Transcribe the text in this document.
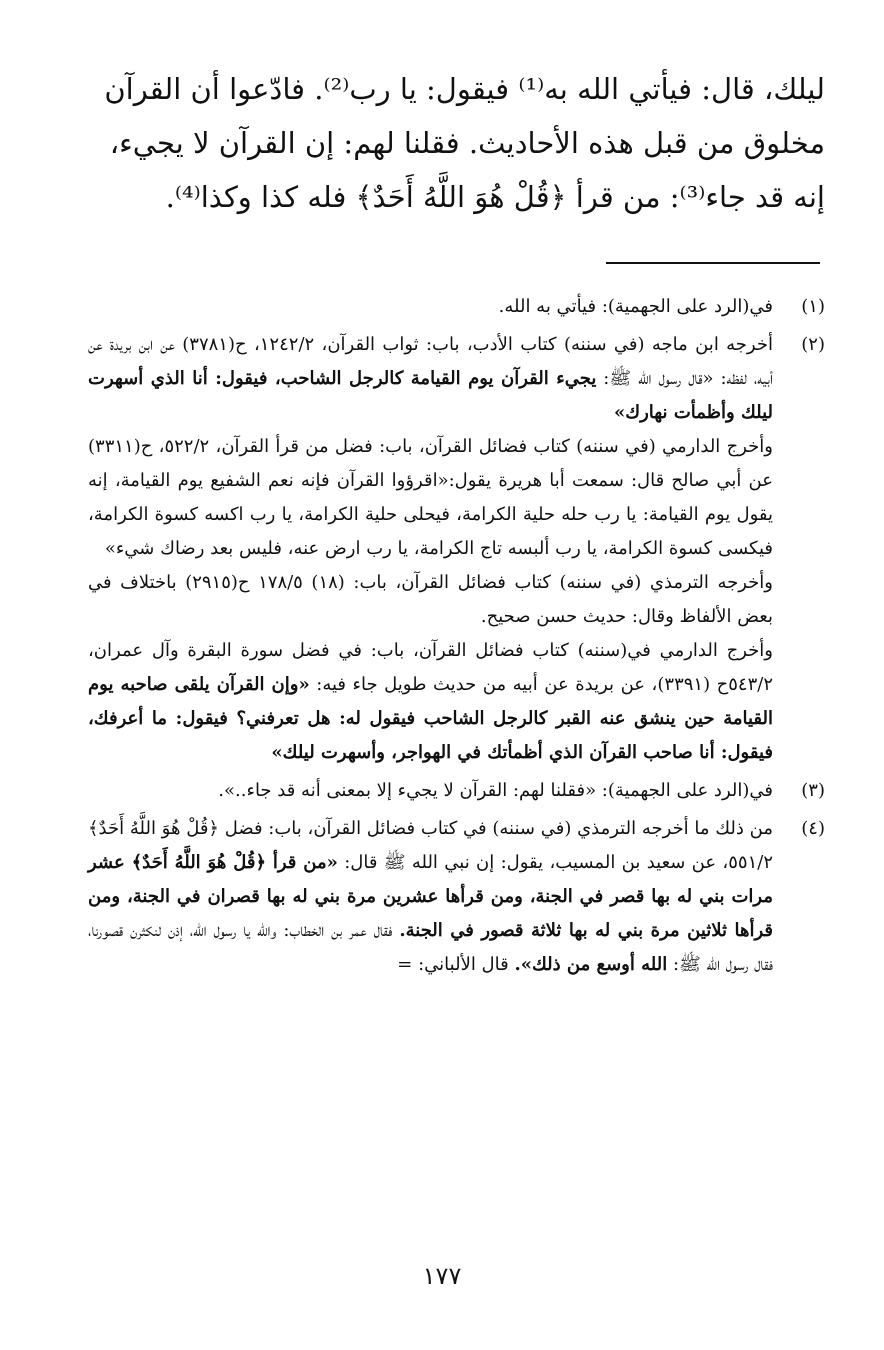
ليلك، قال: فيأتي الله به⁽¹⁾ فيقول: يا رب⁽²⁾. فادّعوا أن القرآن

مخلوق من قبل هذه الأحاديث. فقلنا لهم: إن القرآن لا يجيء،

إنه قد جاء⁽³⁾: من قرأ ﴿قُلْ هُوَ اللَّهُ أَحَدٌ﴾ فله كذا وكذا⁽⁴⁾.

(١)

في(الرد على الجهمية): فيأتي به الله.

(٢)

أخرجه ابن ماجه (في سننه) كتاب الأدب، باب: ثواب القرآن، ١٢٤٢/٢، ح(٣٧٨١) عن ابن بريدة عن أبيه، لفظه: «قال رسول الله ﷺ: يجيء القرآن يوم القيامة كالرجل الشاحب، فيقول: أنا الذي أسهرت ليلك وأظمأت نهارك»

وأخرج الدارمي (في سننه) كتاب فضائل القرآن، باب: فضل من قرأ القرآن، ٥٢٢/٢، ح(٣٣١١) عن أبي صالح قال: سمعت أبا هريرة يقول:«اقرؤوا القرآن فإنه نعم الشفيع يوم القيامة، إنه يقول يوم القيامة: يا رب حله حلية الكرامة، فيحلى حلية الكرامة، يا رب اكسه كسوة الكرامة، فيكسى كسوة الكرامة، يا رب ألبسه تاج الكرامة، يا رب ارض عنه، فليس بعد رضاك شيء»

وأخرجه الترمذي (في سننه) كتاب فضائل القرآن، باب: (١٨) ١٧٨/٥ ح(٢٩١٥) باختلاف في بعض الألفاظ وقال: حديث حسن صحيح.

وأخرج الدارمي في(سننه) كتاب فضائل القرآن، باب: في فضل سورة البقرة وآل عمران، ٥٤٣/٢ح (٣٣٩١)، عن بريدة عن أبيه من حديث طويل جاء فيه: «وإن القرآن يلقى صاحبه يوم القيامة حين ينشق عنه القبر كالرجل الشاحب فيقول له: هل تعرفني؟ فيقول: ما أعرفك، فيقول: أنا صاحب القرآن الذي أظمأتك في الهواجر، وأسهرت ليلك»

(٣)

في(الرد على الجهمية): «فقلنا لهم: القرآن لا يجيء إلا بمعنى أنه قد جاء..».

(٤)

من ذلك ما أخرجه الترمذي (في سننه) في كتاب فضائل القرآن، باب: فضل ﴿قُلْ هُوَ اللَّهُ أَحَدٌ﴾ ٥٥١/٢، عن سعيد بن المسيب، يقول: إن نبي الله ﷺ قال: «من قرأ ﴿قُلْ هُوَ اللَّهُ أَحَدٌ﴾ عشر مرات بني له بها قصر في الجنة، ومن قرأها عشرين مرة بني له بها قصران في الجنة، ومن قرأها ثلاثين مرة بني له بها ثلاثة قصور في الجنة. فقال عمر بن الخطاب: والله يا رسول الله، إذن لنكثرن قصورنا، فقال رسول الله ﷺ: الله أوسع من ذلك». قال الألباني: =

١٧٧
